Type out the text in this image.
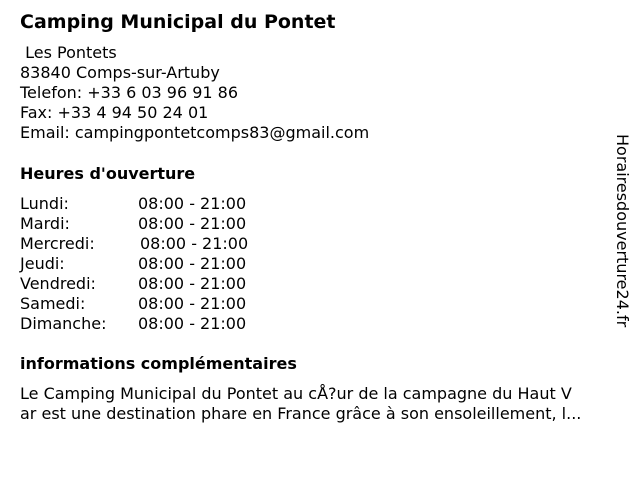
Camping Municipal du Pontet
Les Pontets
83840 Comps-sur-Artuby
Telefon: +33 6 03 96 91 86
Fax: +33 4 94 50 24 01
Email: campingpontetcomps83@gmail.com
Heures d'ouverture
Lundi:	08:00 - 21:00
Mardi:	08:00 - 21:00
Mercredi:	08:00 - 21:00
Jeudi:	08:00 - 21:00
Vendredi:	08:00 - 21:00
Samedi:	08:00 - 21:00
Dimanche: 08:00 - 21:00
informations complémentaires
Le Camping Municipal du Pontet au cÅ?ur de la campagne du Haut V
ar est une destination phare en France grâce à son ensoleillement, l...
Horairesdouverture24.fr
